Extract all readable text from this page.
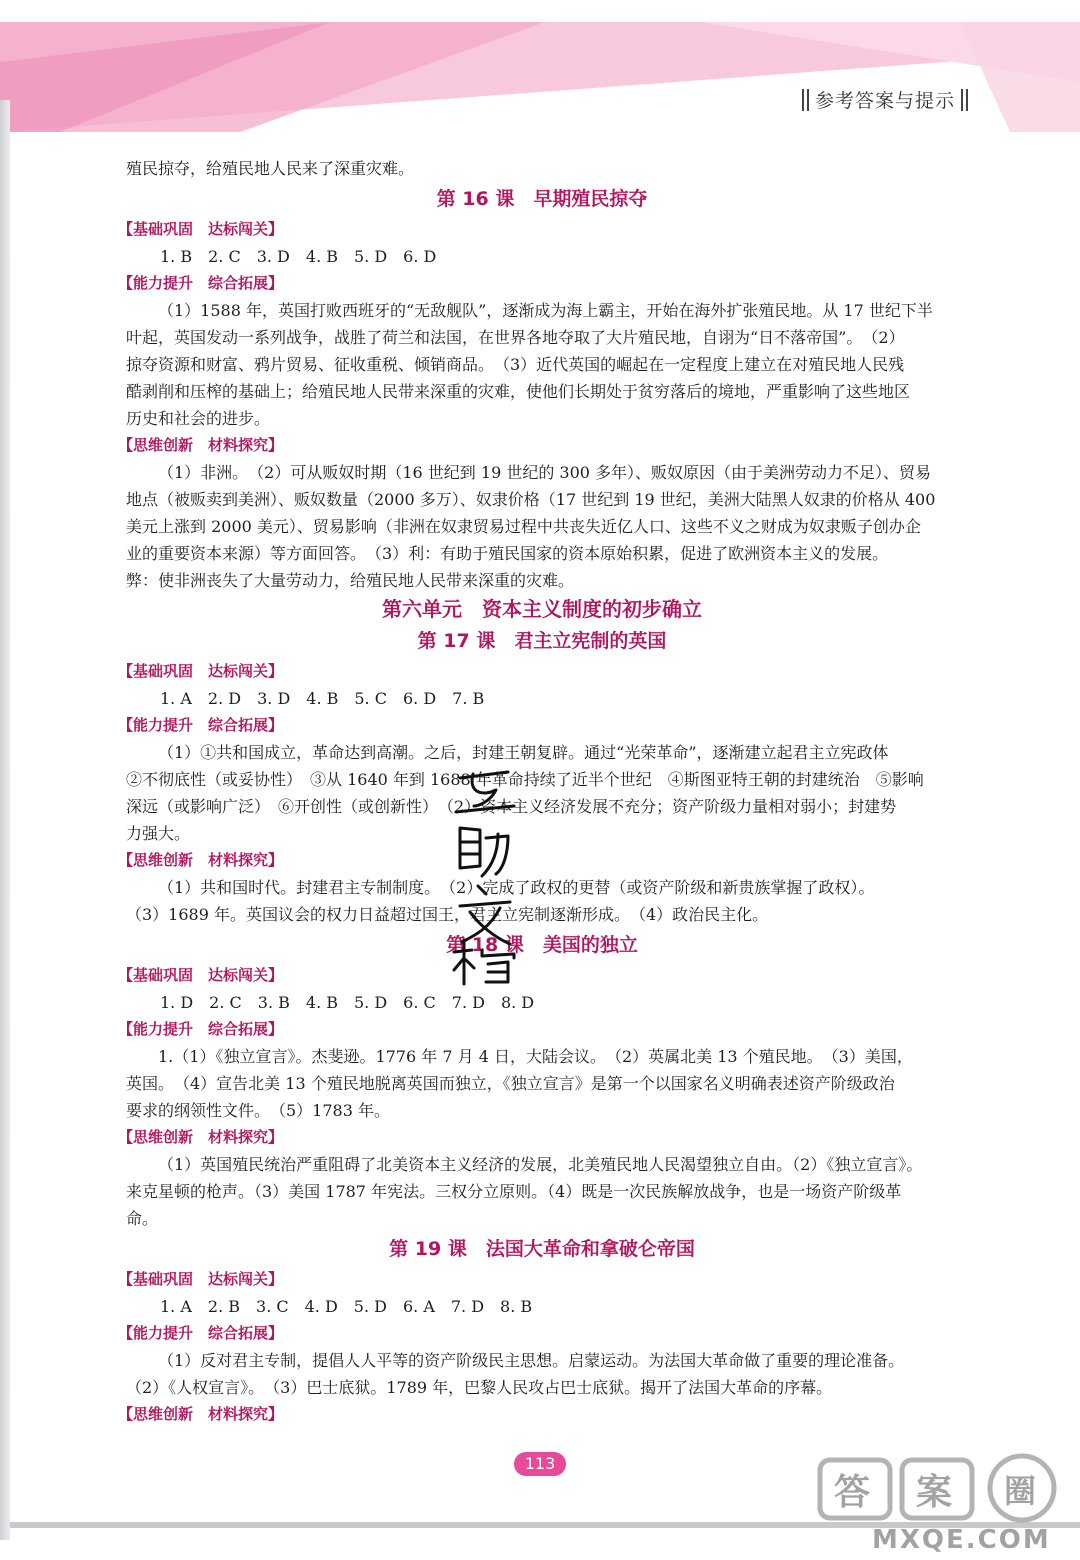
参考答案与提示
殖民掠夺，给殖民地人民来了深重灾难。
第 16 课　早期殖民掠夺
【基础巩固　达标闯关】
1. B　2. C　3. D　4. B　5. D　6. D
【能力提升　综合拓展】
（1）1588 年，英国打败西班牙的“无敌舰队”，逐渐成为海上霸主，开始在海外扩张殖民地。从 17 世纪下半
叶起，英国发动一系列战争，战胜了荷兰和法国，在世界各地夺取了大片殖民地，自诩为“日不落帝国”。　（2）
掠夺资源和财富、鸦片贸易、征收重税、倾销商品。　（3）近代英国的崛起在一定程度上建立在对殖民地人民残
酷剥削和压榨的基础上；给殖民地人民带来深重的灾难，使他们长期处于贫穷落后的境地，严重影响了这些地区
历史和社会的进步。
【思维创新　材料探究】
（1）非洲。　（2）可从贩奴时期（16 世纪到 19 世纪的 300 多年）、贩奴原因（由于美洲劳动力不足）、贸易
地点（被贩卖到美洲）、贩奴数量（2000 多万）、奴隶价格（17 世纪到 19 世纪，美洲大陆黑人奴隶的价格从 400
美元上涨到 2000 美元）、贸易影响（非洲在奴隶贸易过程中共丧失近亿人口、这些不义之财成为奴隶贩子创办企
业的重要资本来源）等方面回答。　（3）利：有助于殖民国家的资本原始积累，促进了欧洲资本主义的发展。
弊：使非洲丧失了大量劳动力，给殖民地人民带来深重的灾难。
第六单元　资本主义制度的初步确立
第 17 课　君主立宪制的英国
【基础巩固　达标闯关】
1. A　2. D　3. D　4. B　5. C　6. D　7. B
【能力提升　综合拓展】
（1）①共和国成立，革命达到高潮。之后，封建王朝复辟。通过“光荣革命”，逐渐建立起君主立宪政体
②不彻底性（或妥协性）　③从 1640 年到 1688 年革命持续了近半个世纪　④斯图亚特王朝的封建统治　⑤影响
深远（或影响广泛）　⑥开创性（或创新性）　（2）资本主义经济发展不充分；资产阶级力量相对弱小；封建势
力强大。
【思维创新　材料探究】
（1）共和国时代。封建君主专制制度。　（2）完成了政权的更替（或资产阶级和新贵族掌握了政权）。
（3）1689 年。英国议会的权力日益超过国王，君主立宪制逐渐形成。　（4）政治民主化。
第 18 课　美国的独立
【基础巩固　达标闯关】
1. D　2. C　3. B　4. B　5. D　6. C　7. D　8. D
【能力提升　综合拓展】
1.（1）《独立宣言》。杰斐逊。1776 年 7 月 4 日，大陆会议。　（2）英属北美 13 个殖民地。　（3）美国，
英国。　（4）宣告北美 13 个殖民地脱离英国而独立，《独立宣言》是第一个以国家名义明确表述资产阶级政治
要求的纲领性文件。　（5）1783 年。
【思维创新　材料探究】
（1）英国殖民统治严重阻碍了北美资本主义经济的发展，北美殖民地人民渴望独立自由。（2）《独立宣言》。
来克星顿的枪声。（3）美国 1787 年宪法。三权分立原则。（4）既是一次民族解放战争，也是一场资产阶级革
命。
第 19 课　法国大革命和拿破仑帝国
【基础巩固　达标闯关】
1. A　2. B　3. C　4. D　5. D　6. A　7. D　8. B
【能力提升　综合拓展】
（1）反对君主专制，提倡人人平等的资产阶级民主思想。启蒙运动。为法国大革命做了重要的理论准备。
（2）《人权宣言》。　（3）巴士底狱。1789 年，巴黎人民攻占巴士底狱。揭开了法国大革命的序幕。
【思维创新　材料探究】
113
答 案 圈
MXQE.COM
